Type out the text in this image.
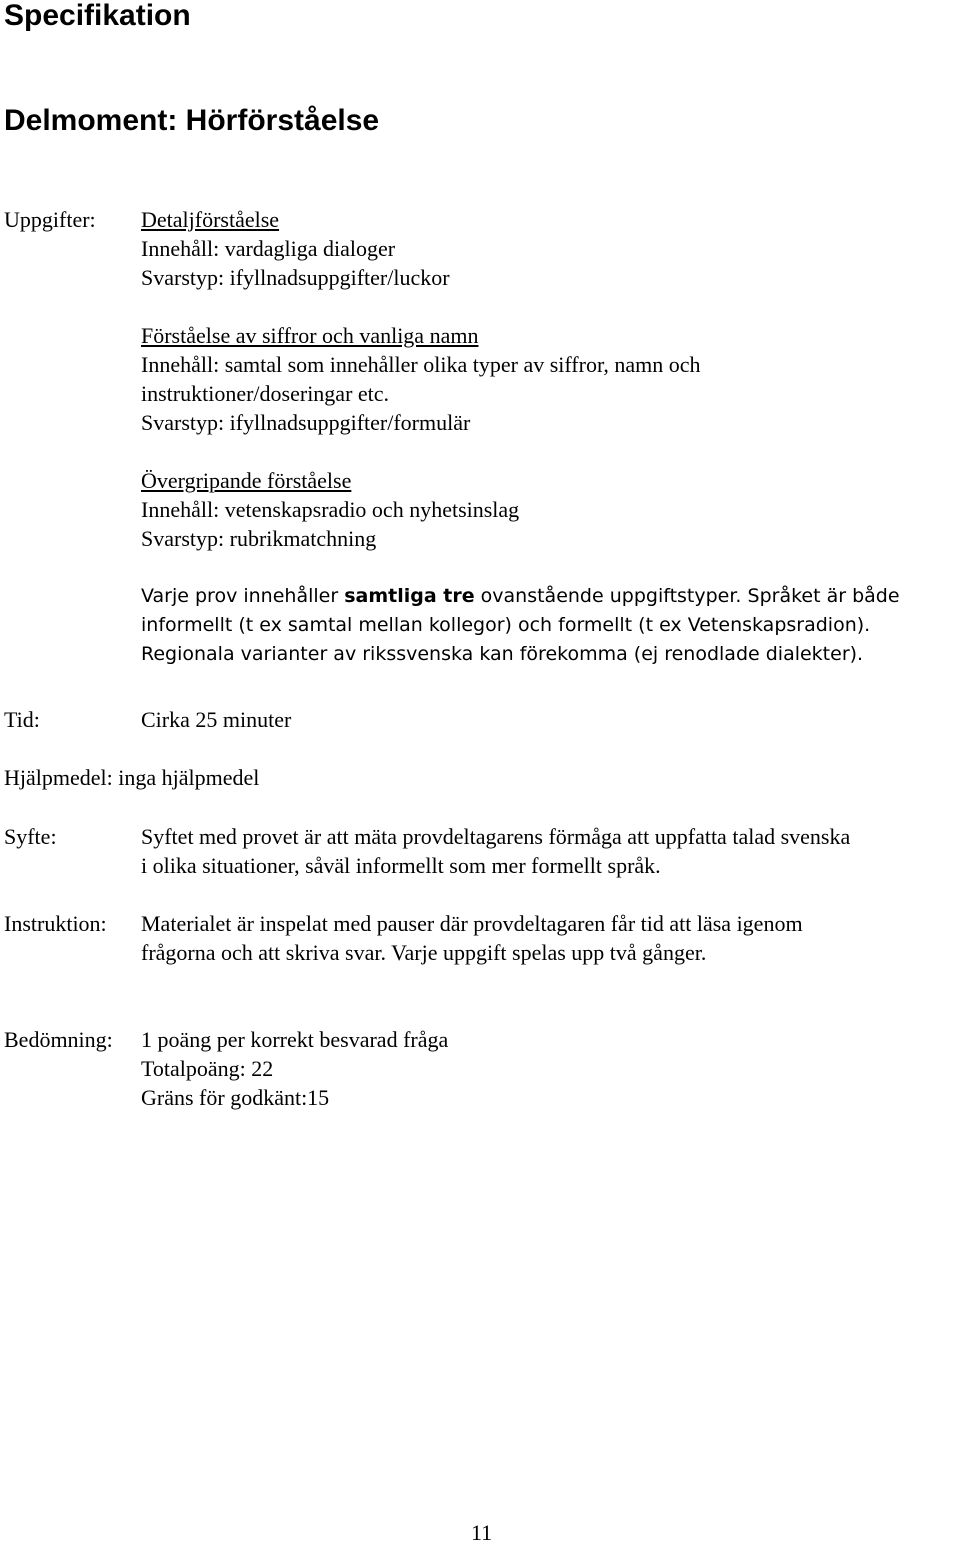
Specifikation
Delmoment: Hörförståelse
Uppgifter: Detaljförståelse
Innehåll: vardagliga dialoger
Svarstyp: ifyllnadsuppgifter/luckor
Förståelse av siffror och vanliga namn
Innehåll: samtal som innehåller olika typer av siffror, namn och
instruktioner/doseringar etc.
Svarstyp: ifyllnadsuppgifter/formulär
Övergripande förståelse
Innehåll: vetenskapsradio och nyhetsinslag
Svarstyp: rubrikmatchning
Varje prov innehåller samtliga tre ovanstående uppgiftstyper. Språket är både
informellt (t ex samtal mellan kollegor) och formellt (t ex Vetenskapsradion).
Regionala varianter av rikssvenska kan förekomma (ej renodlade dialekter).
Tid:	Cirka 25 minuter
Hjälpmedel: inga hjälpmedel
Syfte:	Syftet med provet är att mäta provdeltagarens förmåga att uppfatta talad svenska
i olika situationer, såväl informellt som mer formellt språk.
Instruktion: Materialet är inspelat med pauser där provdeltagaren får tid att läsa igenom
frågorna och att skriva svar. Varje uppgift spelas upp två gånger.
Bedömning: 1 poäng per korrekt besvarad fråga
Totalpoäng: 22
Gräns för godkänt:15
11
